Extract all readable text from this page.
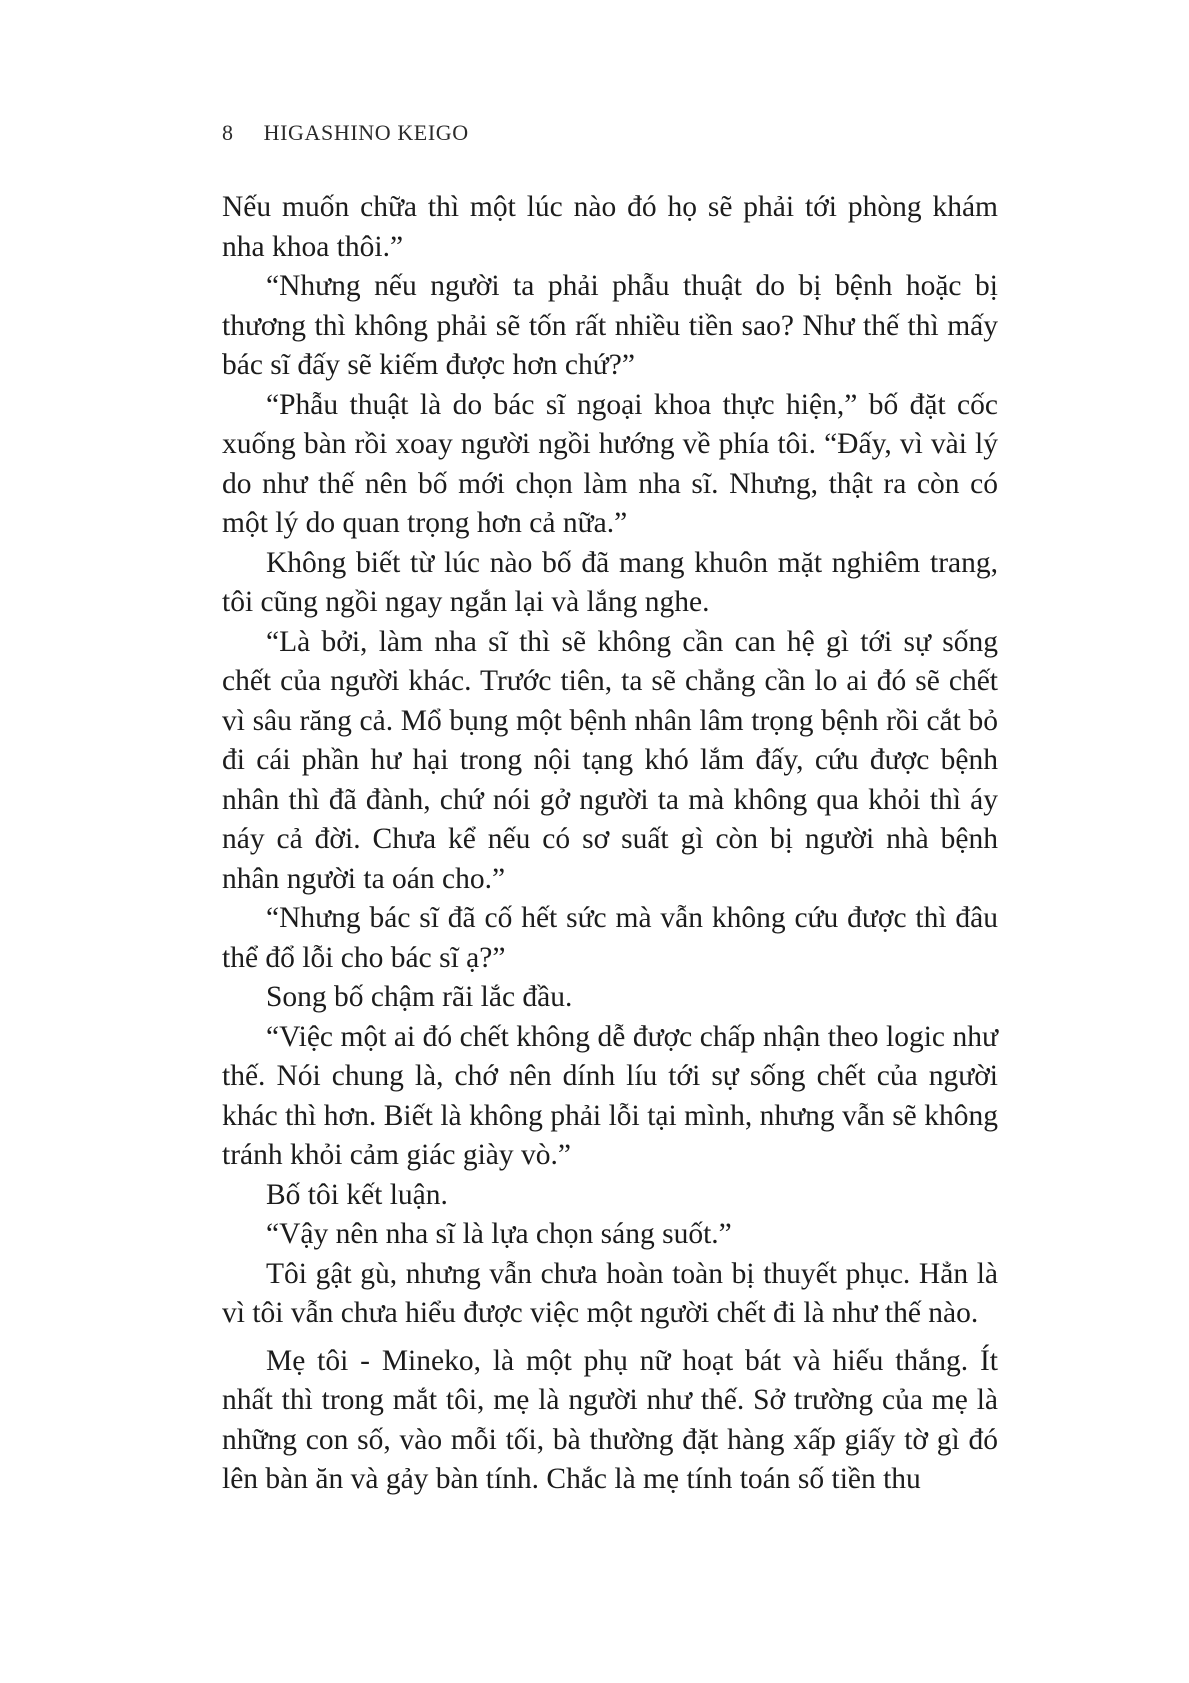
8 HIGASHINO KEIGO

Nếu muốn chữa thì một lúc nào đó họ sẽ phải tới phòng khám nha khoa thôi.”

“Nhưng nếu người ta phải phẫu thuật do bị bệnh hoặc bị thương thì không phải sẽ tốn rất nhiều tiền sao? Như thế thì mấy bác sĩ đấy sẽ kiếm được hơn chứ?”

“Phẫu thuật là do bác sĩ ngoại khoa thực hiện,” bố đặt cốc xuống bàn rồi xoay người ngồi hướng về phía tôi. “Đấy, vì vài lý do như thế nên bố mới chọn làm nha sĩ. Nhưng, thật ra còn có một lý do quan trọng hơn cả nữa.”

Không biết từ lúc nào bố đã mang khuôn mặt nghiêm trang, tôi cũng ngồi ngay ngắn lại và lắng nghe.

“Là bởi, làm nha sĩ thì sẽ không cần can hệ gì tới sự sống chết của người khác. Trước tiên, ta sẽ chẳng cần lo ai đó sẽ chết vì sâu răng cả. Mổ bụng một bệnh nhân lâm trọng bệnh rồi cắt bỏ đi cái phần hư hại trong nội tạng khó lắm đấy, cứu được bệnh nhân thì đã đành, chứ nói gở người ta mà không qua khỏi thì áy náy cả đời. Chưa kể nếu có sơ suất gì còn bị người nhà bệnh nhân người ta oán cho.”

“Nhưng bác sĩ đã cố hết sức mà vẫn không cứu được thì đâu thể đổ lỗi cho bác sĩ ạ?”

Song bố chậm rãi lắc đầu.

“Việc một ai đó chết không dễ được chấp nhận theo logic như thế. Nói chung là, chớ nên dính líu tới sự sống chết của người khác thì hơn. Biết là không phải lỗi tại mình, nhưng vẫn sẽ không tránh khỏi cảm giác giày vò.”

Bố tôi kết luận.

“Vậy nên nha sĩ là lựa chọn sáng suốt.”

Tôi gật gù, nhưng vẫn chưa hoàn toàn bị thuyết phục. Hẳn là vì tôi vẫn chưa hiểu được việc một người chết đi là như thế nào.

Mẹ tôi - Mineko, là một phụ nữ hoạt bát và hiếu thắng. Ít nhất thì trong mắt tôi, mẹ là người như thế. Sở trường của mẹ là những con số, vào mỗi tối, bà thường đặt hàng xấp giấy tờ gì đó lên bàn ăn và gảy bàn tính. Chắc là mẹ tính toán số tiền thu
